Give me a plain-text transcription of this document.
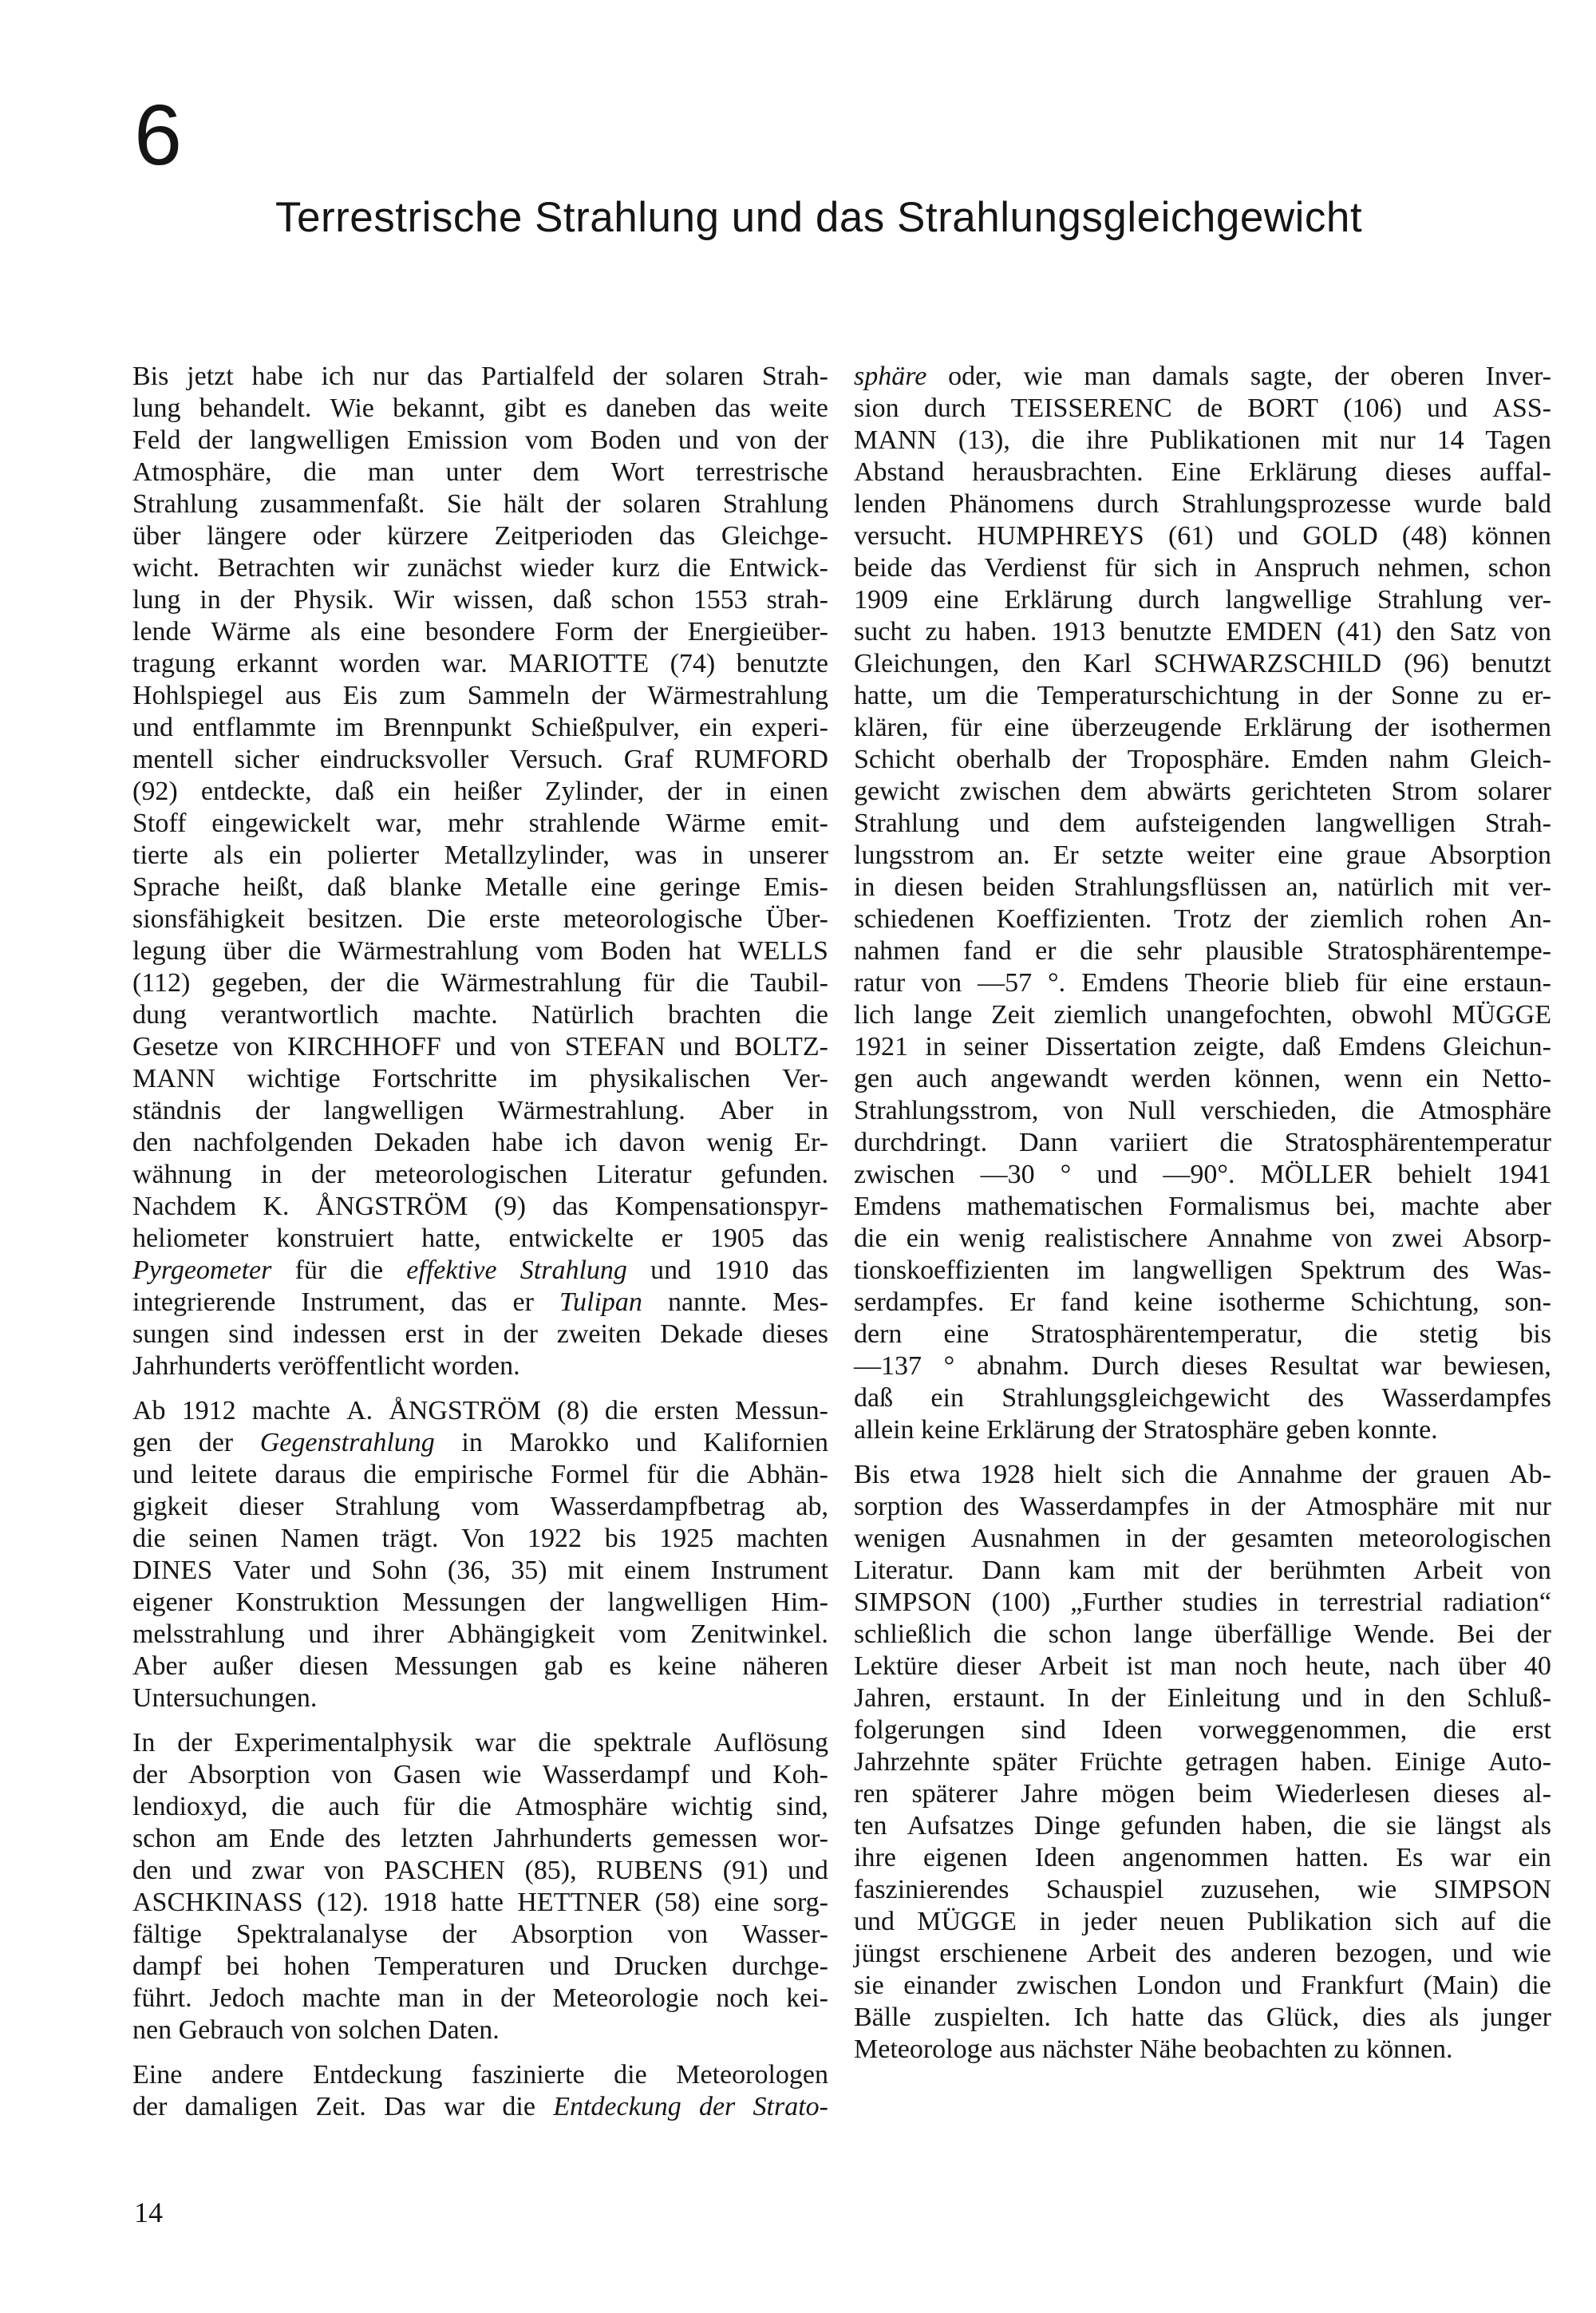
6
Terrestrische Strahlung und das Strahlungsgleichgewicht
Bis jetzt habe ich nur das Partialfeld der solaren Strah-
lung behandelt. Wie bekannt, gibt es daneben das weite
Feld der langwelligen Emission vom Boden und von der
Atmosphäre, die man unter dem Wort terrestrische
Strahlung zusammenfaßt. Sie hält der solaren Strahlung
über längere oder kürzere Zeitperioden das Gleichge-
wicht. Betrachten wir zunächst wieder kurz die Entwick-
lung in der Physik. Wir wissen, daß schon 1553 strah-
lende Wärme als eine besondere Form der Energieüber-
tragung erkannt worden war. MARIOTTE (74) benutzte
Hohlspiegel aus Eis zum Sammeln der Wärmestrahlung
und entflammte im Brennpunkt Schießpulver, ein experi-
mentell sicher eindrucksvoller Versuch. Graf RUMFORD
(92) entdeckte, daß ein heißer Zylinder, der in einen
Stoff eingewickelt war, mehr strahlende Wärme emit-
tierte als ein polierter Metallzylinder, was in unserer
Sprache heißt, daß blanke Metalle eine geringe Emis-
sionsfähigkeit besitzen. Die erste meteorologische Über-
legung über die Wärmestrahlung vom Boden hat WELLS
(112) gegeben, der die Wärmestrahlung für die Taubil-
dung verantwortlich machte. Natürlich brachten die
Gesetze von KIRCHHOFF und von STEFAN und BOLTZ-
MANN wichtige Fortschritte im physikalischen Ver-
ständnis der langwelligen Wärmestrahlung. Aber in
den nachfolgenden Dekaden habe ich davon wenig Er-
wähnung in der meteorologischen Literatur gefunden.
Nachdem K. ÅNGSTRÖM (9) das Kompensationspyr-
heliometer konstruiert hatte, entwickelte er 1905 das
Pyrgeometer für die effektive Strahlung und 1910 das
integrierende Instrument, das er Tulipan nannte. Mes-
sungen sind indessen erst in der zweiten Dekade dieses
Jahrhunderts veröffentlicht worden.
Ab 1912 machte A. ÅNGSTRÖM (8) die ersten Messun-
gen der Gegenstrahlung in Marokko und Kalifornien
und leitete daraus die empirische Formel für die Abhän-
gigkeit dieser Strahlung vom Wasserdampfbetrag ab,
die seinen Namen trägt. Von 1922 bis 1925 machten
DINES Vater und Sohn (36, 35) mit einem Instrument
eigener Konstruktion Messungen der langwelligen Him-
melsstrahlung und ihrer Abhängigkeit vom Zenitwinkel.
Aber außer diesen Messungen gab es keine näheren
Untersuchungen.
In der Experimentalphysik war die spektrale Auflösung
der Absorption von Gasen wie Wasserdampf und Koh-
lendioxyd, die auch für die Atmosphäre wichtig sind,
schon am Ende des letzten Jahrhunderts gemessen wor-
den und zwar von PASCHEN (85), RUBENS (91) und
ASCHKINASS (12). 1918 hatte HETTNER (58) eine sorg-
fältige Spektralanalyse der Absorption von Wasser-
dampf bei hohen Temperaturen und Drucken durchge-
führt. Jedoch machte man in der Meteorologie noch kei-
nen Gebrauch von solchen Daten.
Eine andere Entdeckung faszinierte die Meteorologen
der damaligen Zeit. Das war die Entdeckung der Strato-
sphäre oder, wie man damals sagte, der oberen Inver-
sion durch TEISSERENC de BORT (106) und ASS-
MANN (13), die ihre Publikationen mit nur 14 Tagen
Abstand herausbrachten. Eine Erklärung dieses auffal-
lenden Phänomens durch Strahlungsprozesse wurde bald
versucht. HUMPHREYS (61) und GOLD (48) können
beide das Verdienst für sich in Anspruch nehmen, schon
1909 eine Erklärung durch langwellige Strahlung ver-
sucht zu haben. 1913 benutzte EMDEN (41) den Satz von
Gleichungen, den Karl SCHWARZSCHILD (96) benutzt
hatte, um die Temperaturschichtung in der Sonne zu er-
klären, für eine überzeugende Erklärung der isothermen
Schicht oberhalb der Troposphäre. Emden nahm Gleich-
gewicht zwischen dem abwärts gerichteten Strom solarer
Strahlung und dem aufsteigenden langwelligen Strah-
lungsstrom an. Er setzte weiter eine graue Absorption
in diesen beiden Strahlungsflüssen an, natürlich mit ver-
schiedenen Koeffizienten. Trotz der ziemlich rohen An-
nahmen fand er die sehr plausible Stratosphärentempe-
ratur von —57 °. Emdens Theorie blieb für eine erstaun-
lich lange Zeit ziemlich unangefochten, obwohl MÜGGE
1921 in seiner Dissertation zeigte, daß Emdens Gleichun-
gen auch angewandt werden können, wenn ein Netto-
Strahlungsstrom, von Null verschieden, die Atmosphäre
durchdringt. Dann variiert die Stratosphärentemperatur
zwischen —30 ° und —90°. MÖLLER behielt 1941
Emdens mathematischen Formalismus bei, machte aber
die ein wenig realistischere Annahme von zwei Absorp-
tionskoeffizienten im langwelligen Spektrum des Was-
serdampfes. Er fand keine isotherme Schichtung, son-
dern eine Stratosphärentemperatur, die stetig bis
—137 ° abnahm. Durch dieses Resultat war bewiesen,
daß ein Strahlungsgleichgewicht des Wasserdampfes
allein keine Erklärung der Stratosphäre geben konnte.
Bis etwa 1928 hielt sich die Annahme der grauen Ab-
sorption des Wasserdampfes in der Atmosphäre mit nur
wenigen Ausnahmen in der gesamten meteorologischen
Literatur. Dann kam mit der berühmten Arbeit von
SIMPSON (100) „Further studies in terrestrial radiation“
schließlich die schon lange überfällige Wende. Bei der
Lektüre dieser Arbeit ist man noch heute, nach über 40
Jahren, erstaunt. In der Einleitung und in den Schluß-
folgerungen sind Ideen vorweggenommen, die erst
Jahrzehnte später Früchte getragen haben. Einige Auto-
ren späterer Jahre mögen beim Wiederlesen dieses al-
ten Aufsatzes Dinge gefunden haben, die sie längst als
ihre eigenen Ideen angenommen hatten. Es war ein
faszinierendes Schauspiel zuzusehen, wie SIMPSON
und MÜGGE in jeder neuen Publikation sich auf die
jüngst erschienene Arbeit des anderen bezogen, und wie
sie einander zwischen London und Frankfurt (Main) die
Bälle zuspielten. Ich hatte das Glück, dies als junger
Meteorologe aus nächster Nähe beobachten zu können.
14
